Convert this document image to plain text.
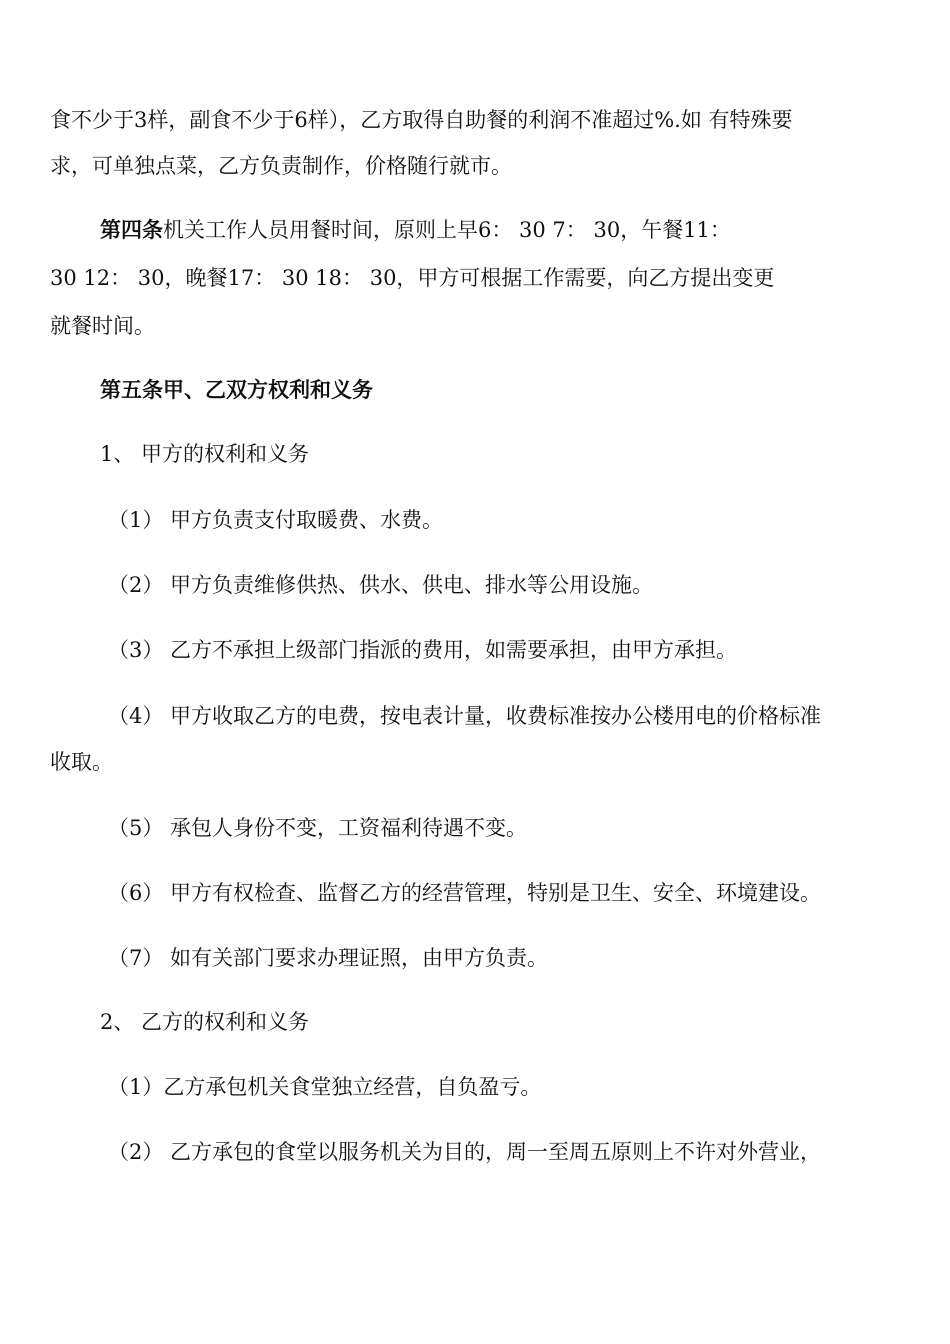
食不少于3样，副食不少于6样），乙方取得自助餐的利润不准超过%.如 有特殊要
求，可单独点菜，乙方负责制作，价格随行就市。
第四条机关工作人员用餐时间，原则上早6： 30 7： 30，午餐11：
30 12： 30，晚餐17： 30 18： 30，甲方可根据工作需要，向乙方提出变更
就餐时间。
第五条甲、乙双方权利和义务
1、 甲方的权利和义务
（1） 甲方负责支付取暖费、水费。
（2） 甲方负责维修供热、供水、供电、排水等公用设施。
（3） 乙方不承担上级部门指派的费用，如需要承担，由甲方承担。
（4） 甲方收取乙方的电费，按电表计量，收费标准按办公楼用电的价格标准
收取。
（5） 承包人身份不变，工资福利待遇不变。
（6） 甲方有权检查、监督乙方的经营管理，特别是卫生、安全、环境建设。
（7） 如有关部门要求办理证照，由甲方负责。
2、 乙方的权利和义务
（1）乙方承包机关食堂独立经营，自负盈亏。
（2） 乙方承包的食堂以服务机关为目的，周一至周五原则上不许对外营业，
